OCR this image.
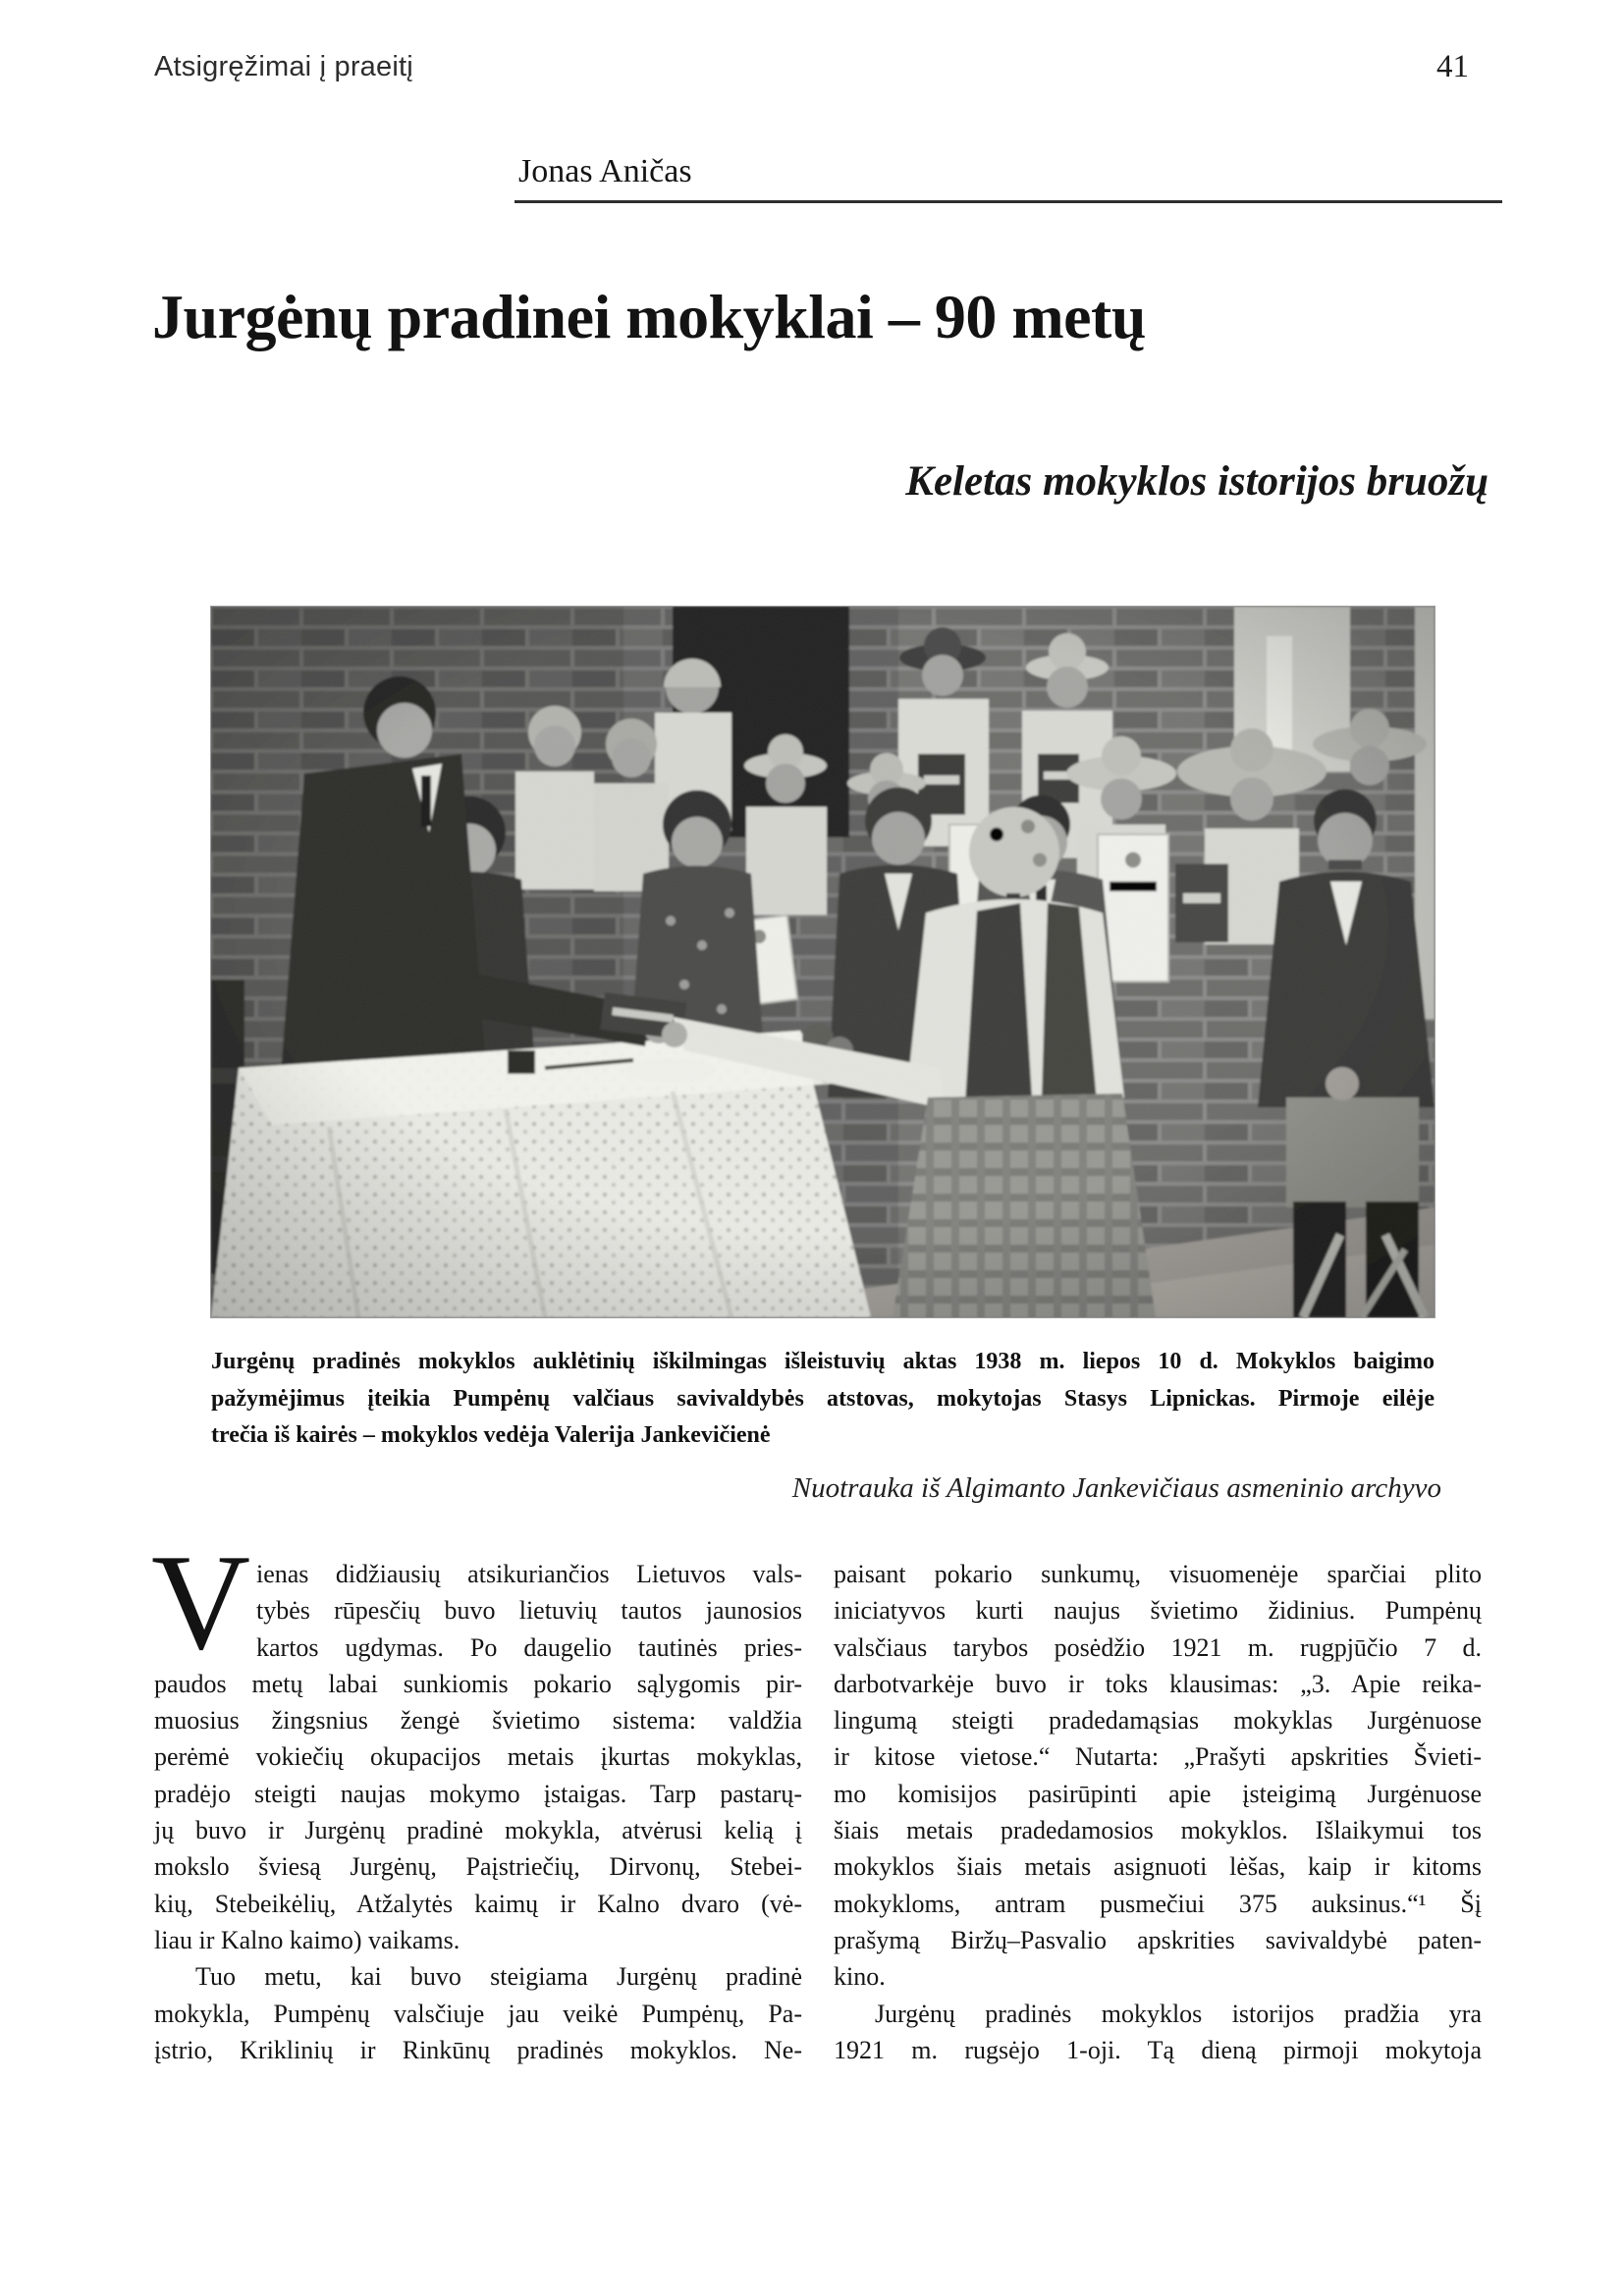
Atsigręžimai į praeitį	41
Jonas Aničas
Jurgėnų pradinei mokyklai – 90 metų
Keletas mokyklos istorijos bruožų
Jurgėnų pradinės mokyklos auklėtinių iškilmingas išleistuvių aktas 1938 m. liepos 10 d. Mokyklos baigimo
pažymėjimus įteikia Pumpėnų valčiaus savivaldybės atstovas, mokytojas Stasys Lipnickas. Pirmoje eilėje
trečia iš kairės – mokyklos vedėja Valerija Jankevičienė
Nuotrauka iš Algimanto Jankevičiaus asmeninio archyvo
V ienas didžiausių atsikuriančios Lietuvos vals-
tybės rūpesčių buvo lietuvių tautos jaunosios
kartos ugdymas. Po daugelio tautinės pries-
paudos metų labai sunkiomis pokario sąlygomis pir-
muosius žingsnius žengė švietimo sistema: valdžia
perėmė vokiečių okupacijos metais įkurtas mokyklas,
pradėjo steigti naujas mokymo įstaigas. Tarp pastarų-
jų buvo ir Jurgėnų pradinė mokykla, atvėrusi kelią į
mokslo šviesą Jurgėnų, Paįstriečių, Dirvonų, Stebei-
kių, Stebeikėlių, Atžalytės kaimų ir Kalno dvaro (vė-
liau ir Kalno kaimo) vaikams.
Tuo metu, kai buvo steigiama Jurgėnų pradinė
mokykla, Pumpėnų valsčiuje jau veikė Pumpėnų, Pa-
įstrio, Kriklinių ir Rinkūnų pradinės mokyklos. Ne-
paisant pokario sunkumų, visuomenėje sparčiai plito
iniciatyvos kurti naujus švietimo židinius. Pumpėnų
valsčiaus tarybos posėdžio 1921 m. rugpjūčio 7 d.
darbotvarkėje buvo ir toks klausimas: „3. Apie reika-
lingumą steigti pradedamąsias mokyklas Jurgėnuose
ir kitose vietose.“ Nutarta: „Prašyti apskrities Švieti-
mo komisijos pasirūpinti apie įsteigimą Jurgėnuose
šiais metais pradedamosios mokyklos. Išlaikymui tos
mokyklos šiais metais asignuoti lėšas, kaip ir kitoms
mokykloms, antram pusmečiui 375 auksinus.“¹ Šį
prašymą Biržų–Pasvalio apskrities savivaldybė paten-
kino.
Jurgėnų pradinės mokyklos istorijos pradžia yra
1921 m. rugsėjo 1-oji. Tą dieną pirmoji mokytoja
